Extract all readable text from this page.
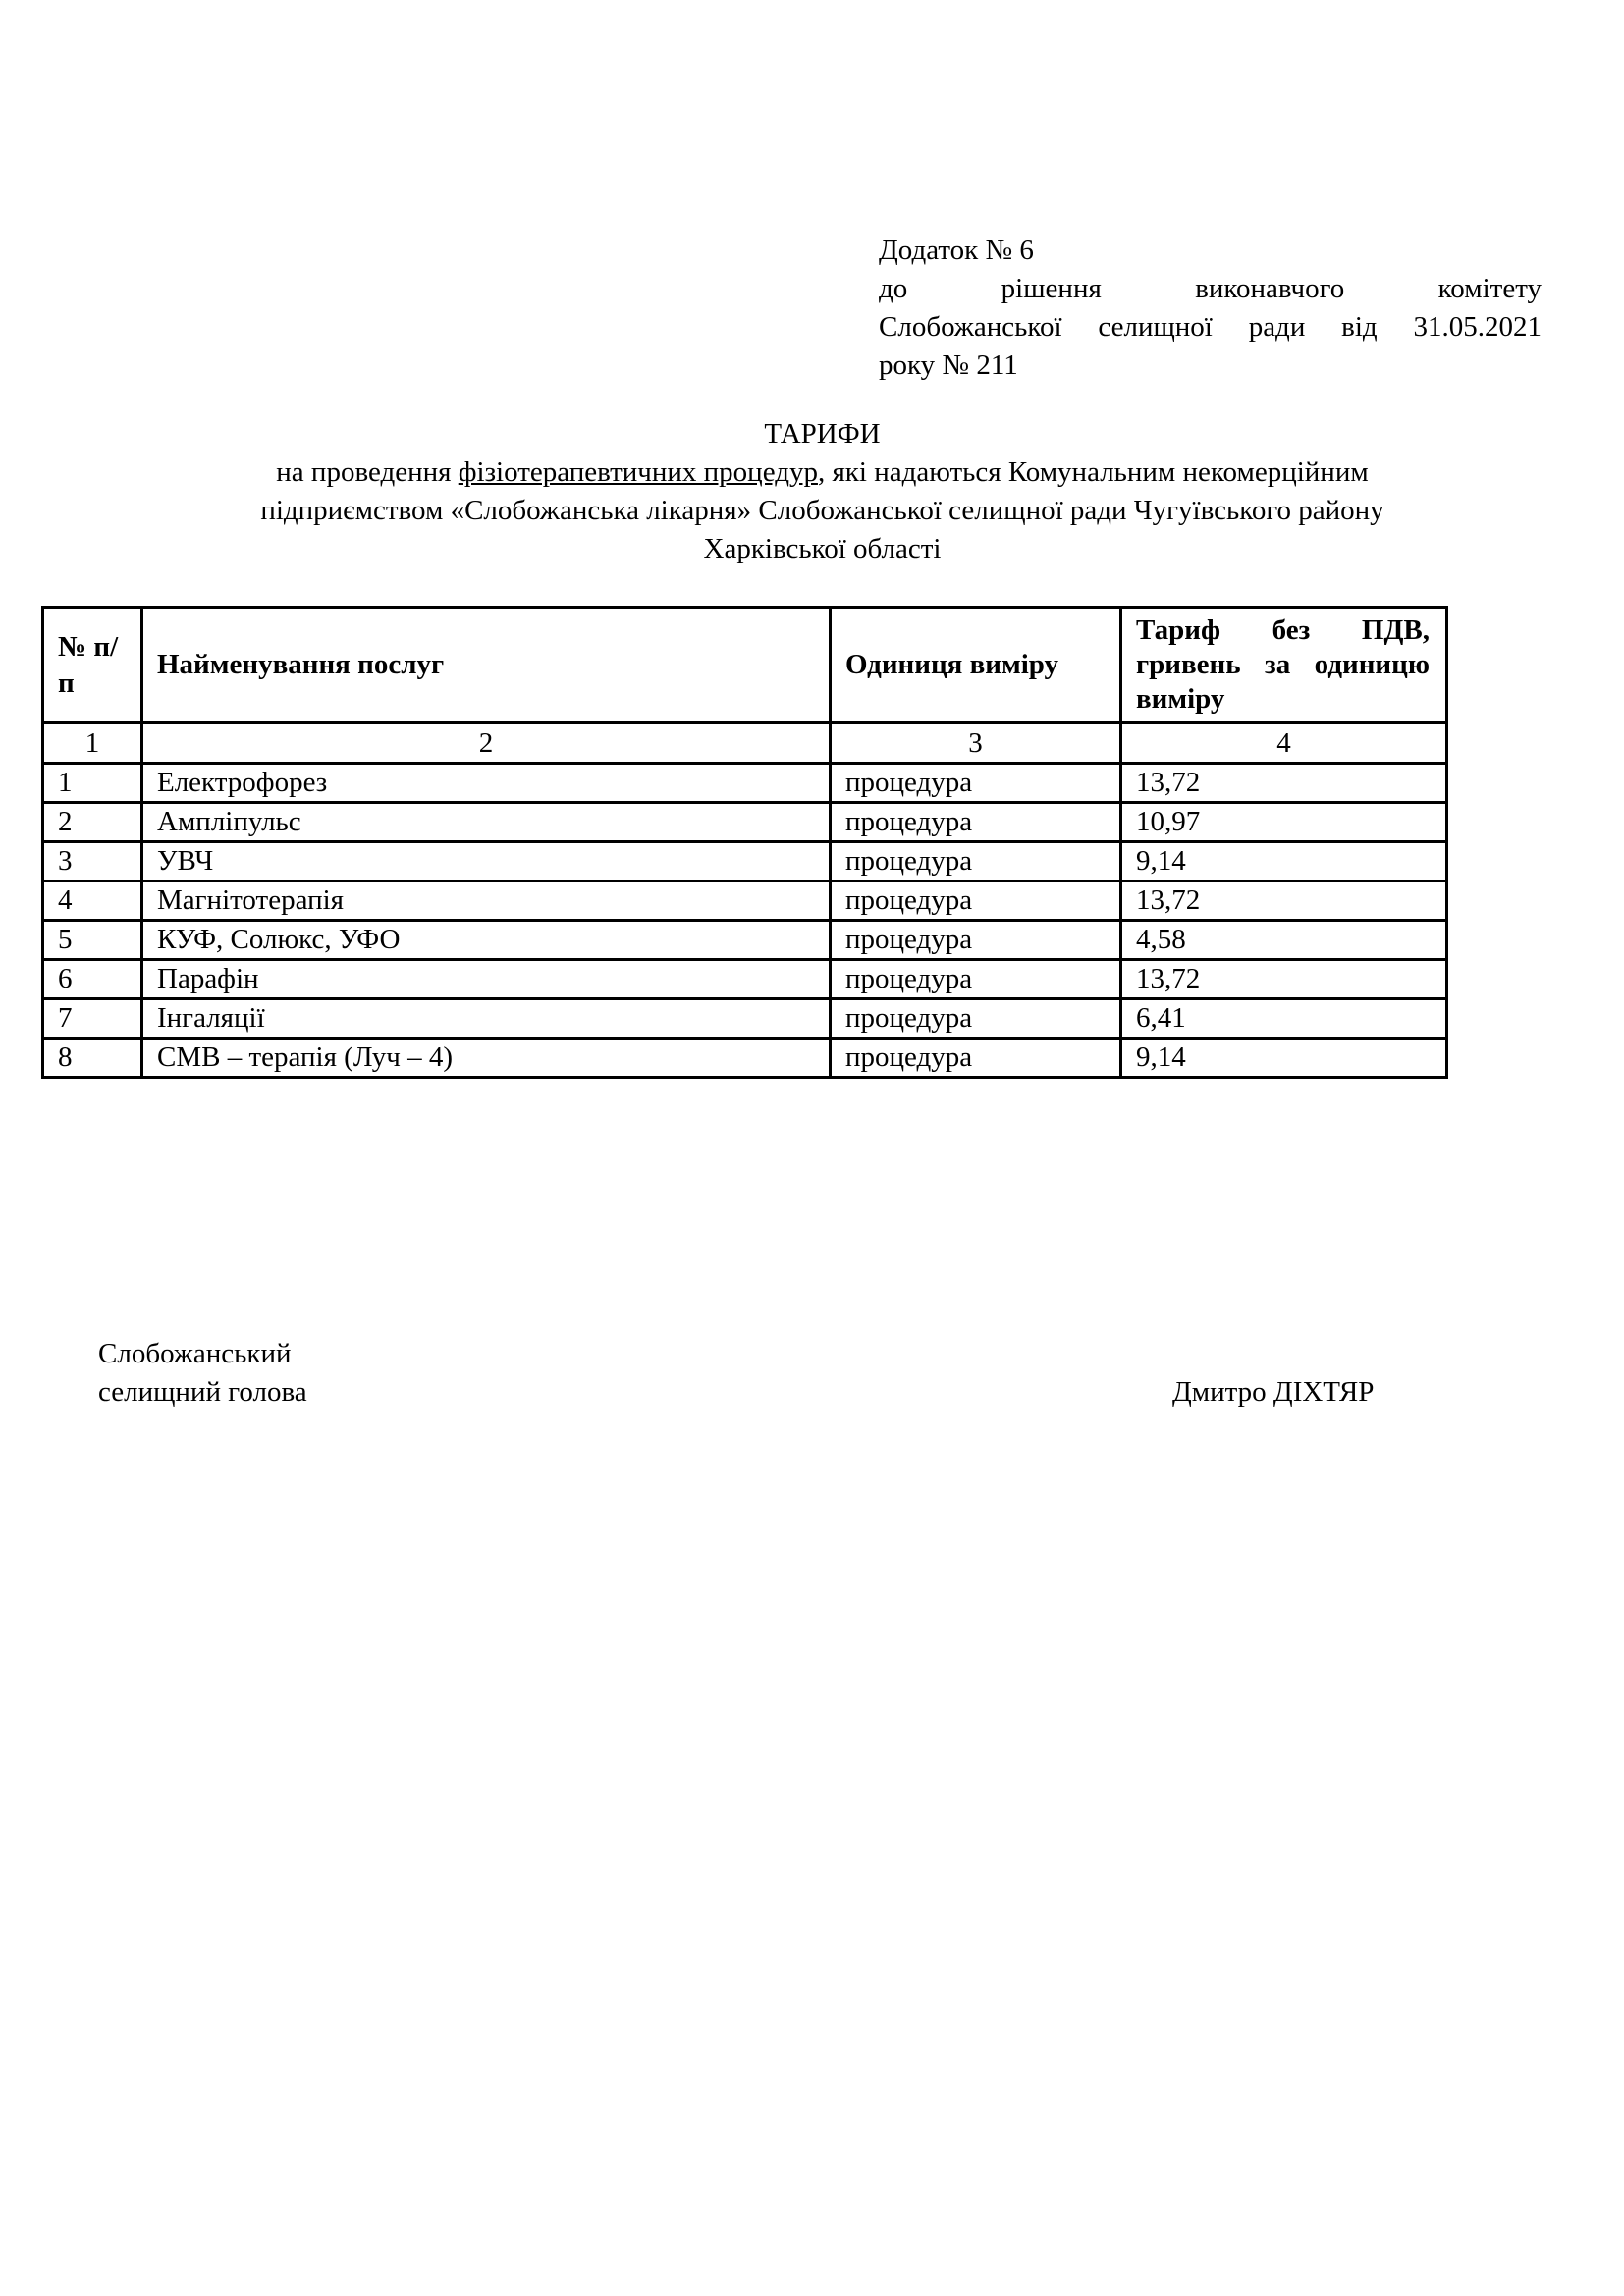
Додаток № 6
до рішення виконавчого комітету
Слобожанської селищної ради від 31.05.2021
року № 211
ТАРИФИ
на проведення фізіотерапевтичних процедур, які надаються Комунальним некомерційним
підприємством «Слобожанська лікарня» Слобожанської селищної ради Чугуївського району
Харківської області
№ п/п	Найменування послуг	Одиниця виміру	Тариф без ПДВ, гривень за одиницю виміру
1	2	3	4
1	Електрофорез	процедура	13,72
2	Ампліпульс	процедура	10,97
3	УВЧ	процедура	9,14
4	Магнітотерапія	процедура	13,72
5	КУФ, Солюкс, УФО	процедура	4,58
6	Парафін	процедура	13,72
7	Інгаляції	процедура	6,41
8	СМВ – терапія (Луч – 4)	процедура	9,14
Слобожанський
селищний голова	Дмитро ДІХТЯР
